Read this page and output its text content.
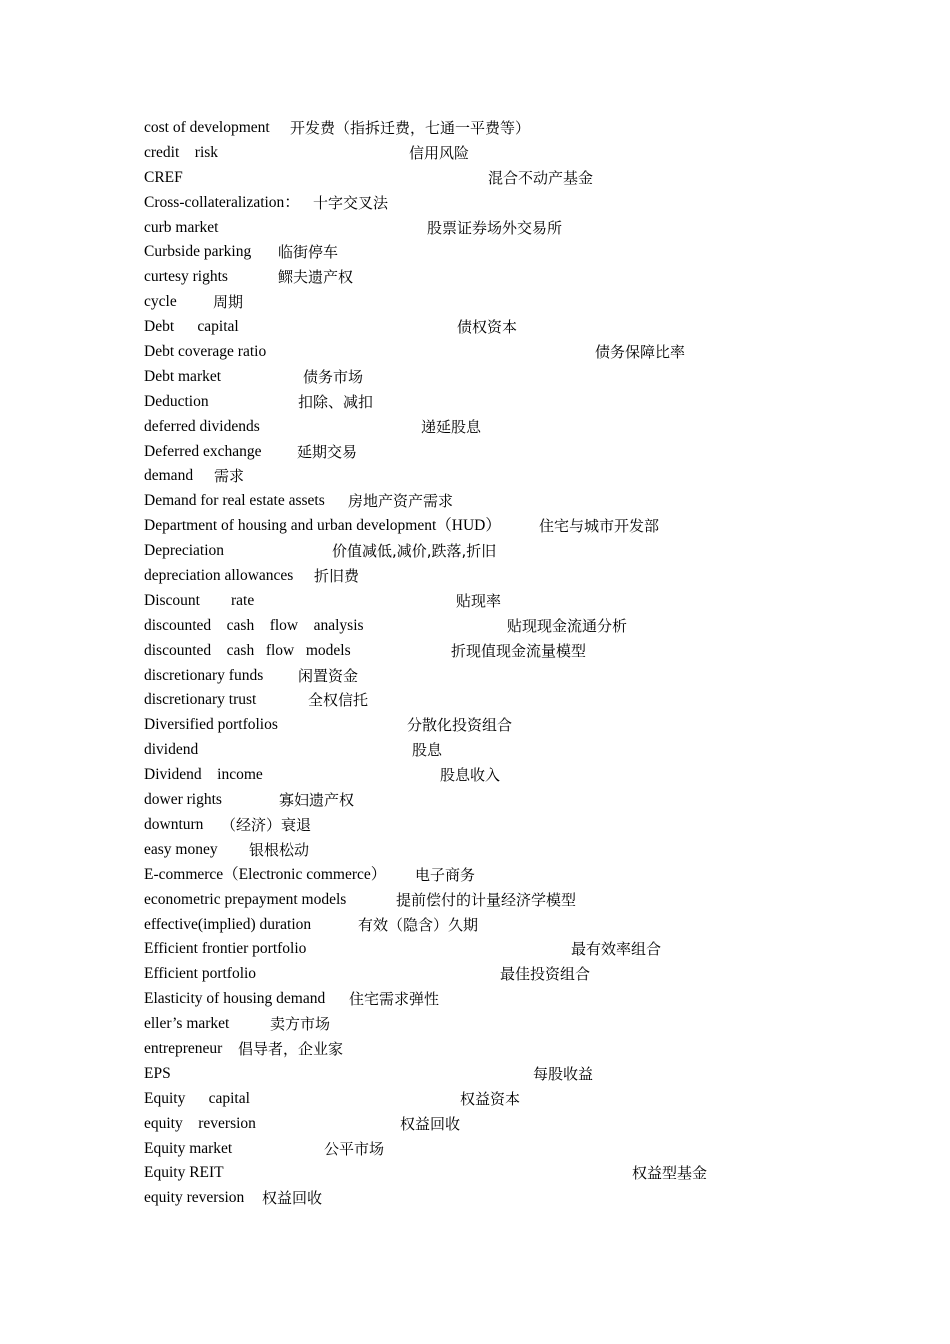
cost of development 开发费（指拆迁费，七通一平费等）
credit    risk	信用风险
CREF	混合不动产基金
Cross-collateralization： 十字交叉法
curb market	股票证券场外交易所
Curbside parking 临街停车
curtesy rights	鳏夫遗产权
cycle 周期
Debt      capital	债权资本
Debt coverage ratio	债务保障比率
Debt market	债务市场
Deduction	扣除、减扣
deferred dividends	递延股息
Deferred exchange 延期交易
demand 需求
Demand for real estate assets 房地产资产需求
Department of housing and urban development（HUD）	住宅与城市开发部
Depreciation	价值减低,减价,跌落,折旧
depreciation allowances 折旧费
Discount        rate	贴现率
discounted    cash    flow    analysis	贴现现金流通分析
discounted    cash   flow   models	折现值现金流量模型
discretionary funds 闲置资金
discretionary trust	全权信托
Diversified portfolios	分散化投资组合
dividend	股息
Dividend    income	股息收入
dower rights	寡妇遗产权
downturn （经济）衰退
easy money 银根松动
E-commerce（Electronic commerce） 电子商务
econometric prepayment models	提前偿付的计量经济学模型
effective(implied) duration	有效（隐含）久期
Efficient frontier portfolio	最有效率组合
Efficient portfolio	最佳投资组合
Elasticity of housing demand 住宅需求弹性
eller’s market	卖方市场
entrepreneur 倡导者，企业家
EPS	每股收益
Equity      capital	权益资本
equity    reversion	权益回收
Equity market	公平市场
Equity REIT	权益型基金
equity reversion 权益回收
